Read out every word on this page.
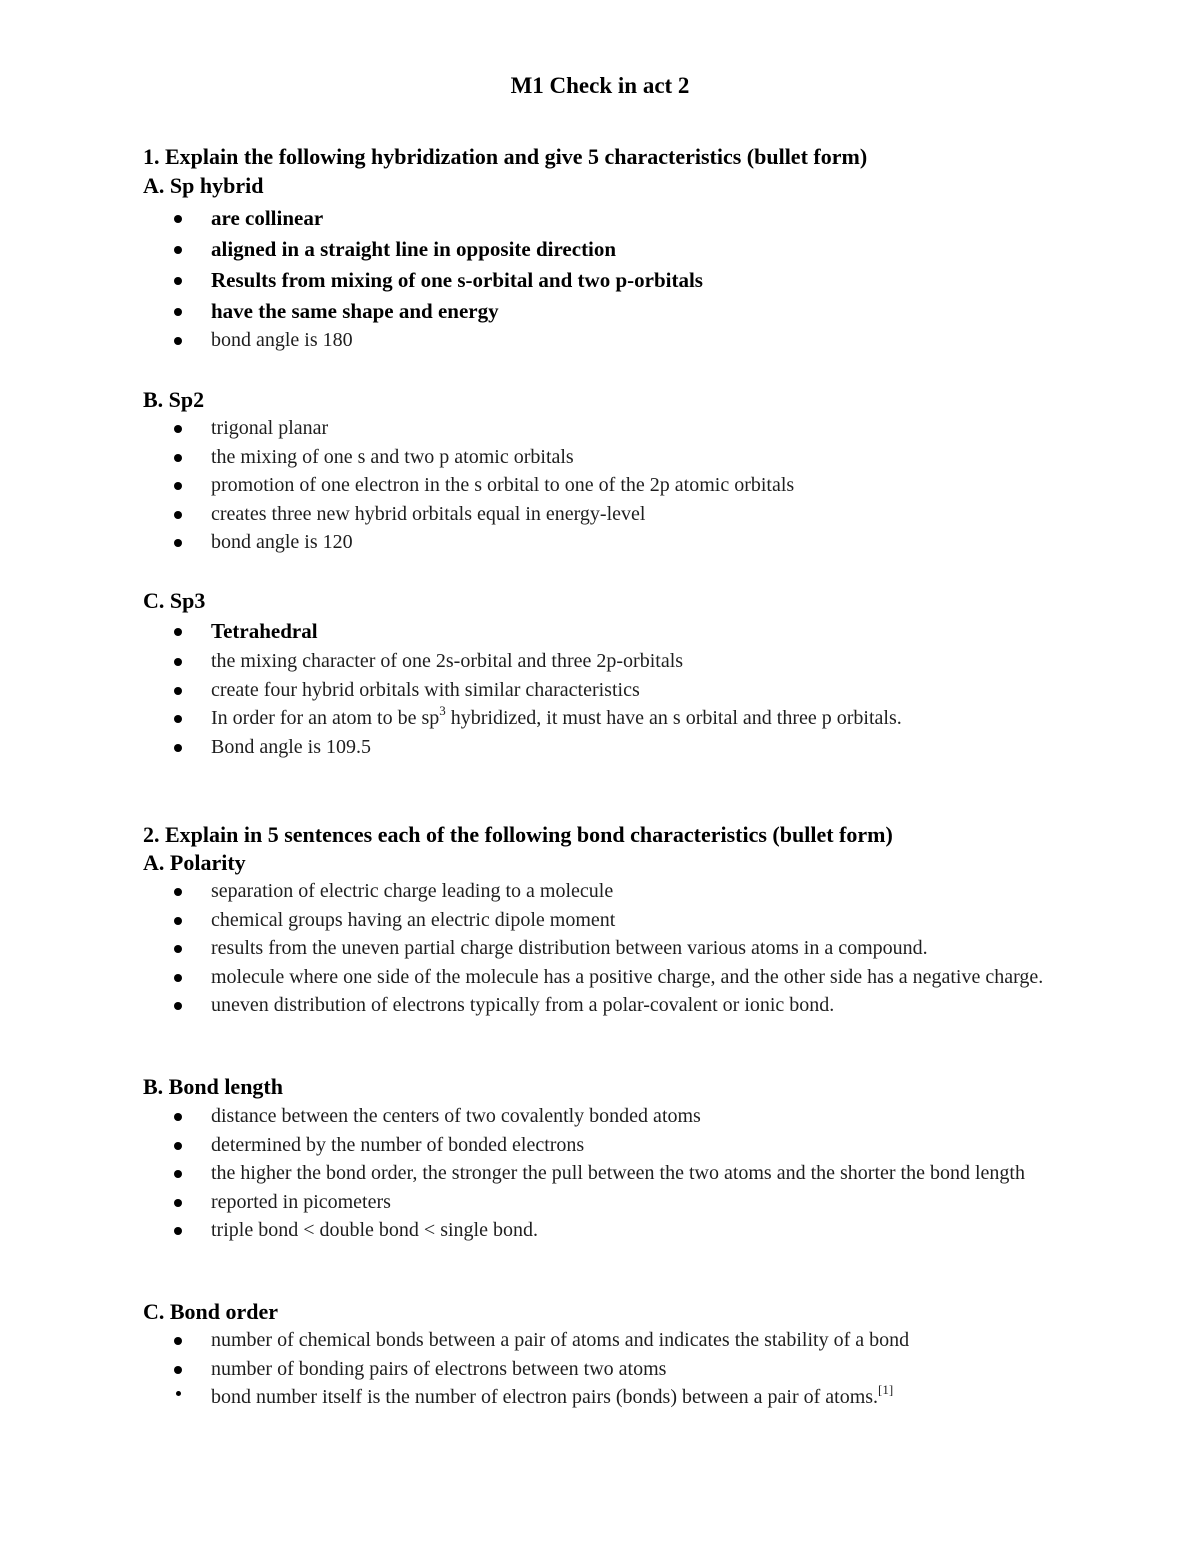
M1 Check in act 2
1. Explain the following hybridization and give 5 characteristics (bullet form)
A. Sp hybrid
are collinear
aligned in a straight line in opposite direction
Results from mixing of one s-orbital and two p-orbitals
have the same shape and energy
bond angle is 180
B. Sp2
trigonal planar
the mixing of one s and two p atomic orbitals
promotion of one electron in the s orbital to one of the 2p atomic orbitals
creates three new hybrid orbitals equal in energy-level
bond angle is 120
C. Sp3
Tetrahedral
the mixing character of one 2s-orbital and three 2p-orbitals
create four hybrid orbitals with similar characteristics
In order for an atom to be $sp^3$ hybridized, it must have an s orbital and three p orbitals.
Bond angle is 109.5
2. Explain in 5 sentences each of the following bond characteristics (bullet form)
A. Polarity
separation of electric charge leading to a molecule
chemical groups having an electric dipole moment
results from the uneven partial charge distribution between various atoms in a compound.
molecule where one side of the molecule has a positive charge, and the other side has a negative charge.
uneven distribution of electrons typically from a polar-covalent or ionic bond.
B. Bond length
distance between the centers of two covalently bonded atoms
determined by the number of bonded electrons
the higher the bond order, the stronger the pull between the two atoms and the shorter the bond length
reported in picometers
triple bond < double bond < single bond.
C. Bond order
number of chemical bonds between a pair of atoms and indicates the stability of a bond
number of bonding pairs of electrons between two atoms
bond number itself is the number of electron pairs (bonds) between a pair of atoms.[1]
